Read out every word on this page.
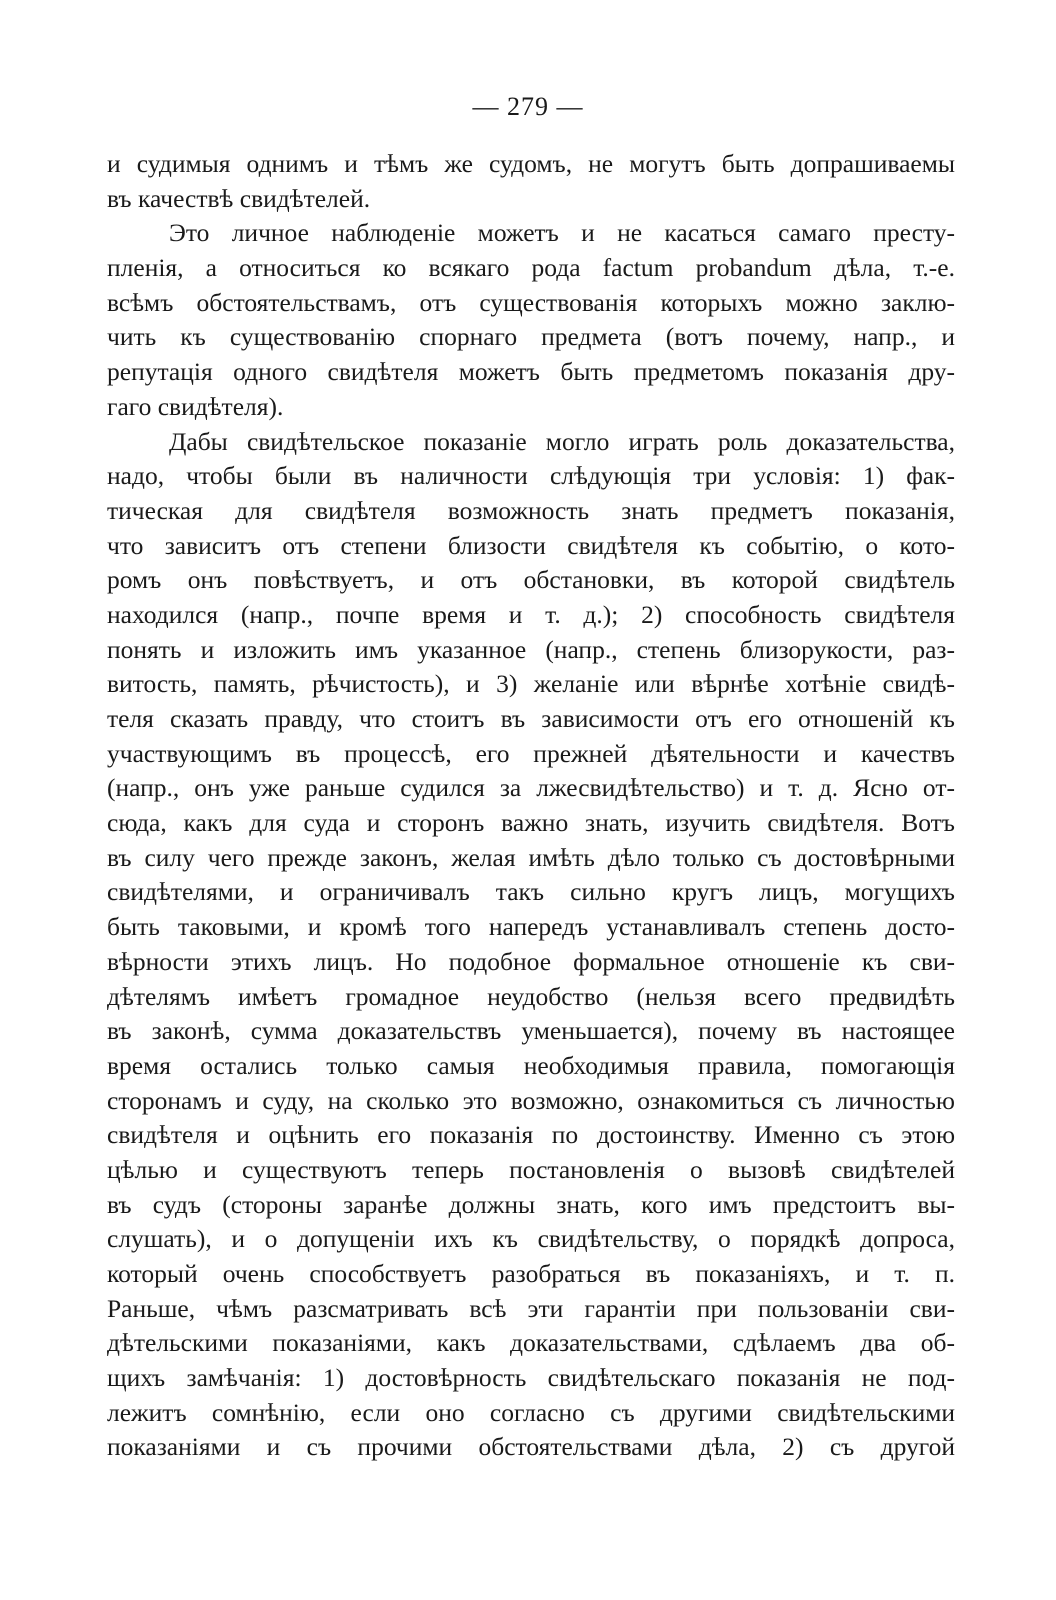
— 279 —
и судимыя однимъ и тѣмъ же судомъ, не могутъ быть допрашиваемы
въ качествѣ свидѣтелей.
Это личное наблюденіе можетъ и не касаться самаго престу-
пленія, а относиться ко всякаго рода factum probandum дѣла, т.-е.
всѣмъ обстоятельствамъ, отъ существованія которыхъ можно заклю-
чить къ существованію спорнаго предмета (вотъ почему, напр., и
репутація одного свидѣтеля можетъ быть предметомъ показанія дру-
гаго свидѣтеля).
Дабы свидѣтельское показаніе могло играть роль доказательства,
надо, чтобы были въ наличности слѣдующія три условія: 1) фак-
тическая для свидѣтеля возможность знать предметъ показанія,
что зависитъ отъ степени близости свидѣтеля къ событію, о кото-
ромъ онъ повѣствуетъ, и отъ обстановки, въ которой свидѣтель
находился (напр., почпе время и т. д.); 2) способность свидѣтеля
понять и изложить имъ указанное (напр., степень близорукости, раз-
витость, память, рѣчистость), и 3) желаніе или вѣрнѣе хотѣніе свидѣ-
теля сказать правду, что стоитъ въ зависимости отъ его отношеній къ
участвующимъ въ процессѣ, его прежней дѣятельности и качествъ
(напр., онъ уже раньше судился за лжесвидѣтельство) и т. д. Ясно от-
сюда, какъ для суда и сторонъ важно знать, изучить свидѣтеля. Вотъ
въ силу чего прежде законъ, желая имѣть дѣло только съ достовѣрными
свидѣтелями, и ограничивалъ такъ сильно кругъ лицъ, могущихъ
быть таковыми, и кромѣ того напередъ устанавливалъ степень досто-
вѣрности этихъ лицъ. Но подобное формальное отношеніе къ сви-
дѣтелямъ имѣетъ громадное неудобство (нельзя всего предвидѣть
въ законѣ, сумма доказательствъ уменьшается), почему въ настоящее
время остались только самыя необходимыя правила, помогающія
сторонамъ и суду, на сколько это возможно, ознакомиться съ личностью
свидѣтеля и оцѣнить его показанія по достоинству. Именно съ этою
цѣлью и существуютъ теперь постановленія о вызовѣ свидѣтелей
въ судъ (стороны заранѣе должны знать, кого имъ предстоитъ вы-
слушать), и о допущеніи ихъ къ свидѣтельству, о порядкѣ допроса,
который очень способствуетъ разобраться въ показаніяхъ, и т. п.
Раньше, чѣмъ разсматривать всѣ эти гарантіи при пользованіи сви-
дѣтельскими показаніями, какъ доказательствами, сдѣлаемъ два об-
щихъ замѣчанія: 1) достовѣрность свидѣтельскаго показанія не под-
лежитъ сомнѣнію, если оно согласно съ другими свидѣтельскими
показаніями и съ прочими обстоятельствами дѣла, 2) съ другой
